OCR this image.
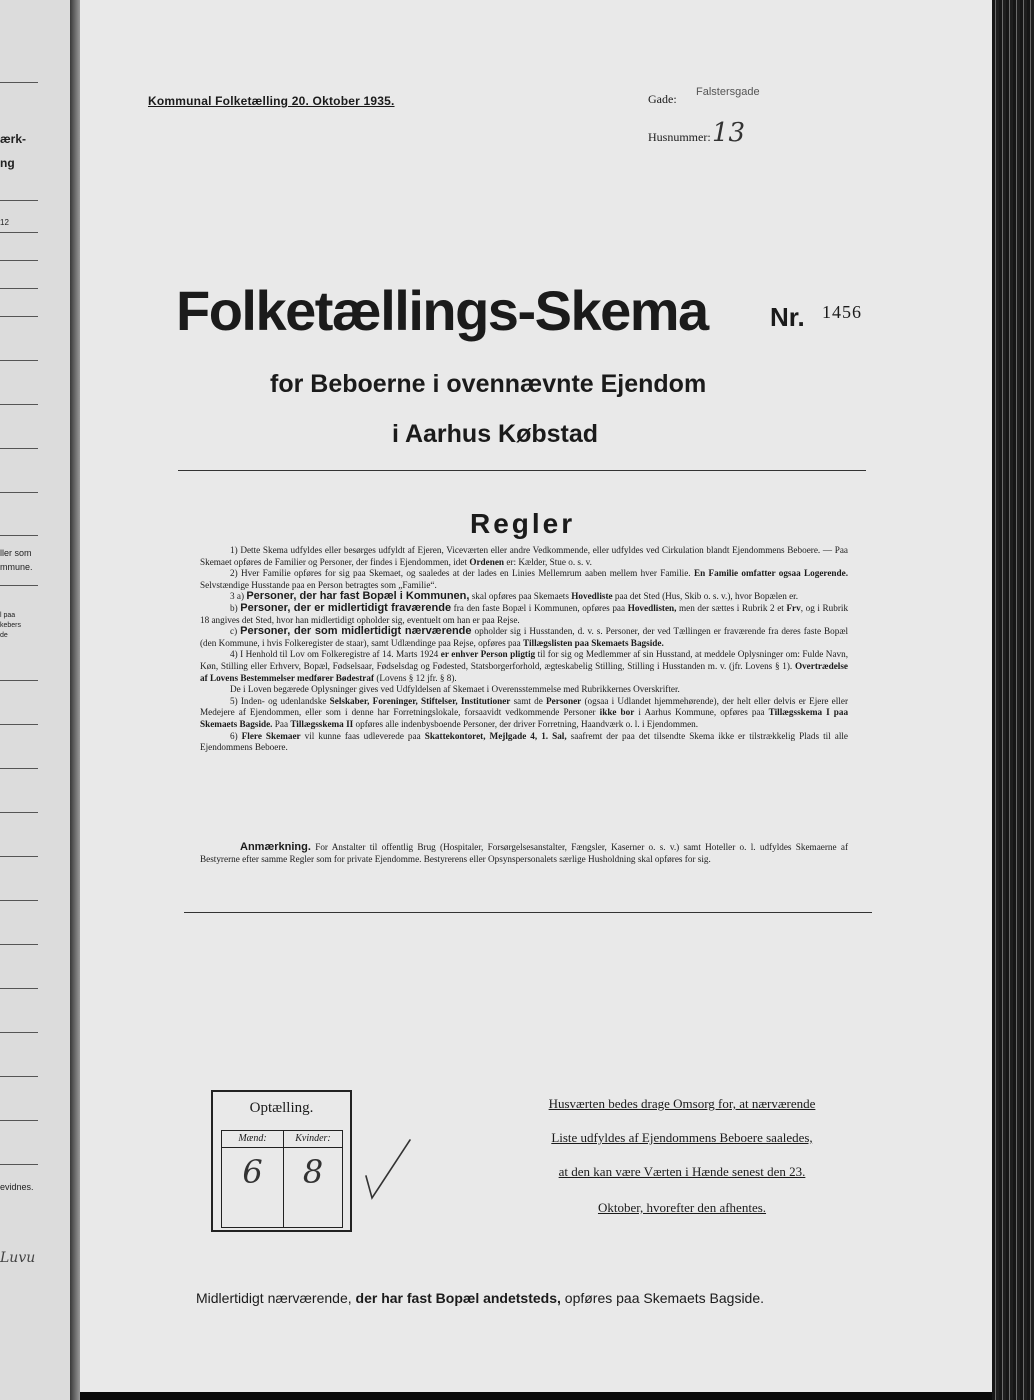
ærk-
ng
12
ller som
mmune.
l paa
kebers
de
evidnes.
Luvu
Kommunal Folketælling 20. Oktober 1935.	Gade: Falstersgade
Husnummer: 13
Folketællings-Skema Nr. 1456
for Beboerne i ovennævnte Ejendom
i Aarhus Købstad
Regler

1) Dette Skema udfyldes eller besørges udfyldt af Ejeren, Viceværten eller andre Vedkommende, eller udfyldes ved Cirkulation blandt Ejendommens Beboere. — Paa Skemaet opføres de Familier og Personer, der findes i Ejendommen, idet Ordenen er: Kælder, Stue o. s. v.

2) Hver Familie opføres for sig paa Skemaet, og saaledes at der lades en Linies Mellemrum aaben mellem hver Familie. En Familie omfatter ogsaa Logerende. Selvstændige Husstande paa en Person betragtes som „Familie“.

3 a) Personer, der har fast Bopæl i Kommunen, skal opføres paa Skemaets Hovedliste paa det Sted (Hus, Skib o. s. v.), hvor Bopælen er.

b) Personer, der er midlertidigt fraværende fra den faste Bopæl i Kommunen, opføres paa Hovedlisten, men der sættes i Rubrik 2 et Frv, og i Rubrik 18 angives det Sted, hvor han midlertidigt opholder sig, eventuelt om han er paa Rejse.

c) Personer, der som midlertidigt nærværende opholder sig i Husstanden, d. v. s. Personer, der ved Tællingen er fraværende fra deres faste Bopæl (den Kommune, i hvis Folkeregister de staar), samt Udlændinge paa Rejse, opføres paa Tillægslisten paa Skemaets Bagside.

4) I Henhold til Lov om Folkeregistre af 14. Marts 1924 er enhver Person pligtig til for sig og Medlemmer af sin Husstand, at meddele Oplysninger om: Fulde Navn, Køn, Stilling eller Erhverv, Bopæl, Fødselsaar, Fødselsdag og Fødested, Statsborgerforhold, ægteskabelig Stilling, Stilling i Husstanden m. v. (jfr. Lovens § 1). Overtrædelse af Lovens Bestemmelser medfører Bødestraf (Lovens § 12 jfr. § 8).

De i Loven begærede Oplysninger gives ved Udfyldelsen af Skemaet i Overensstemmelse med Rubrikkernes Overskrifter.

5) Inden- og udenlandske Selskaber, Foreninger, Stiftelser, Institutioner samt de Personer (ogsaa i Udlandet hjemmehørende), der helt eller delvis er Ejere eller Medejere af Ejendommen, eller som i denne har Forretningslokale, forsaavidt vedkommende Personer ikke bor i Aarhus Kommune, opføres paa Tillægsskema I paa Skemaets Bagside. Paa Tillægsskema II opføres alle indenbysboende Personer, der driver Forretning, Haandværk o. l. i Ejendommen.

6) Flere Skemaer vil kunne faas udleverede paa Skattekontoret, Mejlgade 4, 1. Sal, saafremt der paa det tilsendte Skema ikke er tilstrækkelig Plads til alle Ejendommens Beboere.

Anmærkning. For Anstalter til offentlig Brug (Hospitaler, Forsørgelsesanstalter, Fængsler, Kaserner o. s. v.) samt Hoteller o. l. udfyldes Skemaerne af Bestyrerne efter samme Regler som for private Ejendomme. Bestyrerens eller Opsynspersonalets særlige Husholdning skal opføres for sig.

Optælling.
Mænd:
6
Kvinder:
8
Husværten bedes drage Omsorg for, at nærværende
Liste udfyldes af Ejendommens Beboere saaledes,
at den kan være Værten i Hænde senest den 23.
Oktober, hvorefter den afhentes.
Midlertidigt nærværende, der har fast Bopæl andetsteds, opføres paa Skemaets Bagside.
